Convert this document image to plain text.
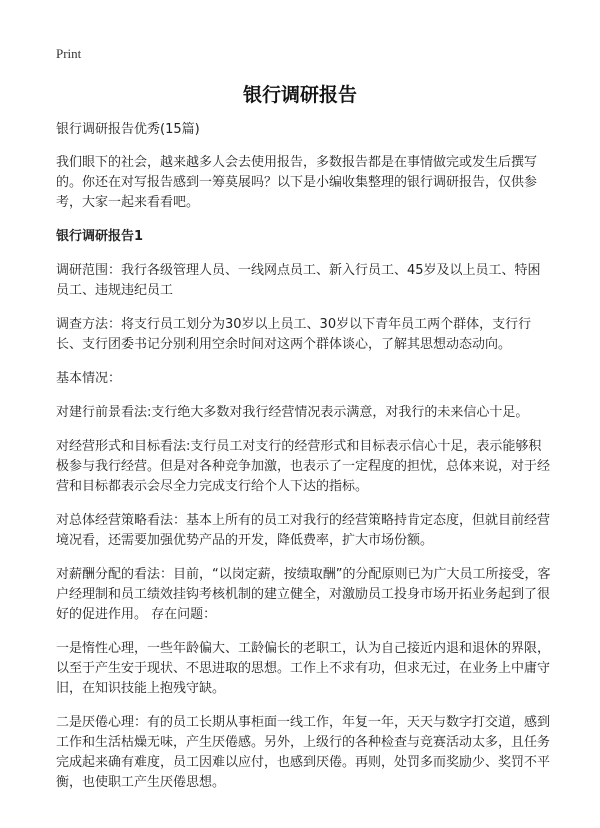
Print
银行调研报告

银行调研报告优秀(15篇)

我们眼下的社会，越来越多人会去使用报告，多数报告都是在事情做完或发生后撰写的。你还在对写报告感到一筹莫展吗？以下是小编收集整理的银行调研报告，仅供参考，大家一起来看看吧。

银行调研报告1

调研范围：我行各级管理人员、一线网点员工、新入行员工、45岁及以上员工、特困员工、违规违纪员工

调查方法：将支行员工划分为30岁以上员工、30岁以下青年员工两个群体，支行行长、支行团委书记分别利用空余时间对这两个群体谈心，了解其思想动态动向。

基本情况：

对建行前景看法:支行绝大多数对我行经营情况表示满意，对我行的未来信心十足。

对经营形式和目标看法:支行员工对支行的经营形式和目标表示信心十足，表示能够积极参与我行经营。但是对各种竞争加激，也表示了一定程度的担忧，总体来说，对于经营和目标都表示会尽全力完成支行给个人下达的指标。

对总体经营策略看法：基本上所有的员工对我行的经营策略持肯定态度，但就目前经营境况看，还需要加强优势产品的开发，降低费率，扩大市场份额。

对薪酬分配的看法：目前，“以岗定薪，按绩取酬”的分配原则已为广大员工所接受，客户经理制和员工绩效挂钩考核机制的建立健全，对激励员工投身市场开拓业务起到了很好的促进作用。 存在问题：

一是惰性心理，一些年龄偏大、工龄偏长的老职工，认为自己接近内退和退休的界限，以至于产生安于现状、不思进取的思想。工作上不求有功，但求无过，在业务上中庸守旧，在知识技能上抱残守缺。

二是厌倦心理：有的员工长期从事柜面一线工作，年复一年，天天与数字打交道，感到工作和生活枯燥无味，产生厌倦感。另外，上级行的各种检查与竞赛活动太多，且任务完成起来确有难度，员工因难以应付，也感到厌倦。再则，处罚多而奖励少、奖罚不平衡，也使职工产生厌倦思想。
